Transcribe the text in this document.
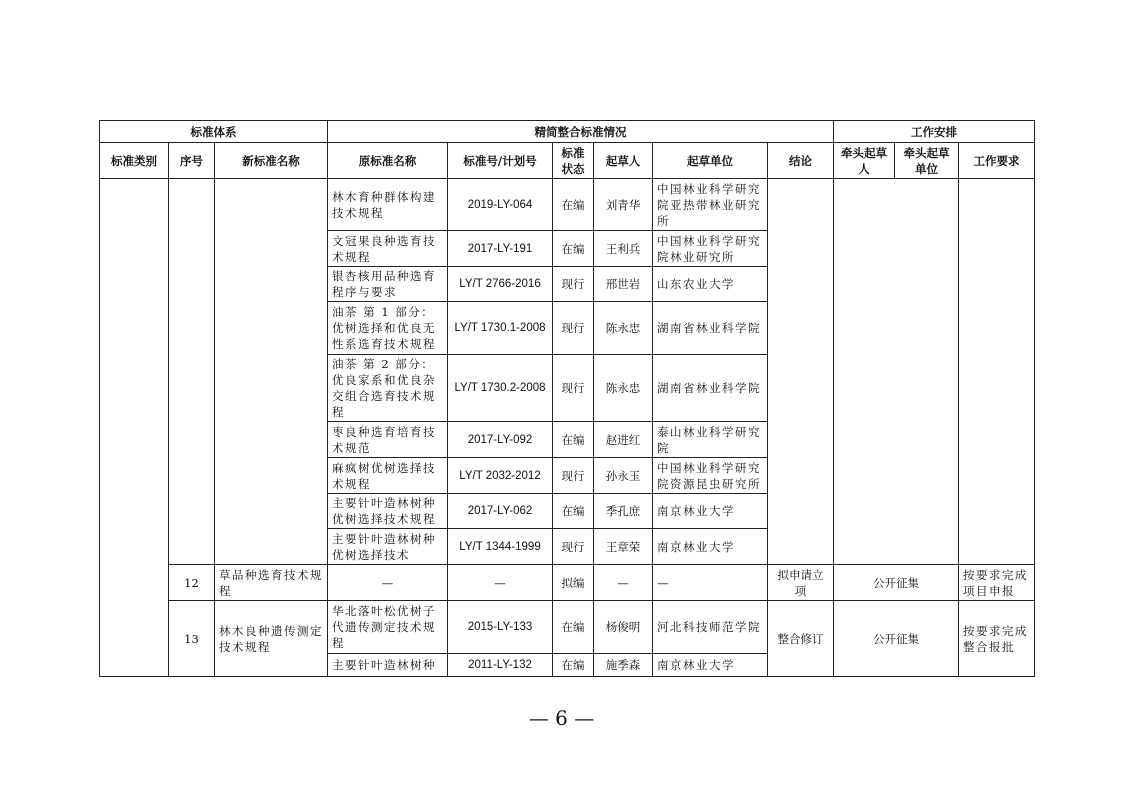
标准体系			精简整合标准情况						工作安排		
标准类别	序号	新标准名称	原标准名称	标准号/计划号	标准状态	起草人	起草单位	结论	牵头起草人	牵头起草单位	工作要求
			林木育种群体构建技术规程	2019-LY-064	在编	刘青华	中国林业科学研究院亚热带林业研究所				
			文冠果良种选育技术规程	2017-LY-191	在编	王利兵	中国林业科学研究院林业研究所				
			银杏核用品种选育程序与要求	LY/T 2766-2016	现行	邢世岩	山东农业大学				
			油茶 第 1 部分：优树选择和优良无性系选育技术规程	LY/T 1730.1-2008	现行	陈永忠	湖南省林业科学院				
			油茶 第 2 部分：优良家系和优良杂交组合选育技术规程	LY/T 1730.2-2008	现行	陈永忠	湖南省林业科学院				
			枣良种选育培育技术规范	2017-LY-092	在编	赵进红	泰山林业科学研究院				
			麻疯树优树选择技术规程	LY/T 2032-2012	现行	孙永玉	中国林业科学研究院资源昆虫研究所				
			主要针叶造林树种优树选择技术规程	2017-LY-062	在编	季孔庶	南京林业大学				
			主要针叶造林树种优树选择技术	LY/T 1344-1999	现行	王章荣	南京林业大学				
	12	草品种选育技术规程	—	—	拟编	—	—	拟申请立项	公开征集		按要求完成项目申报
	13	林木良种遗传测定技术规程	华北落叶松优树子代遗传测定技术规程	2015-LY-133	在编	杨俊明	河北科技师范学院	整合修订	公开征集		按要求完成整合报批
			主要针叶造林树种	2011-LY-132	在编	施季森	南京林业大学				
— 6 —
